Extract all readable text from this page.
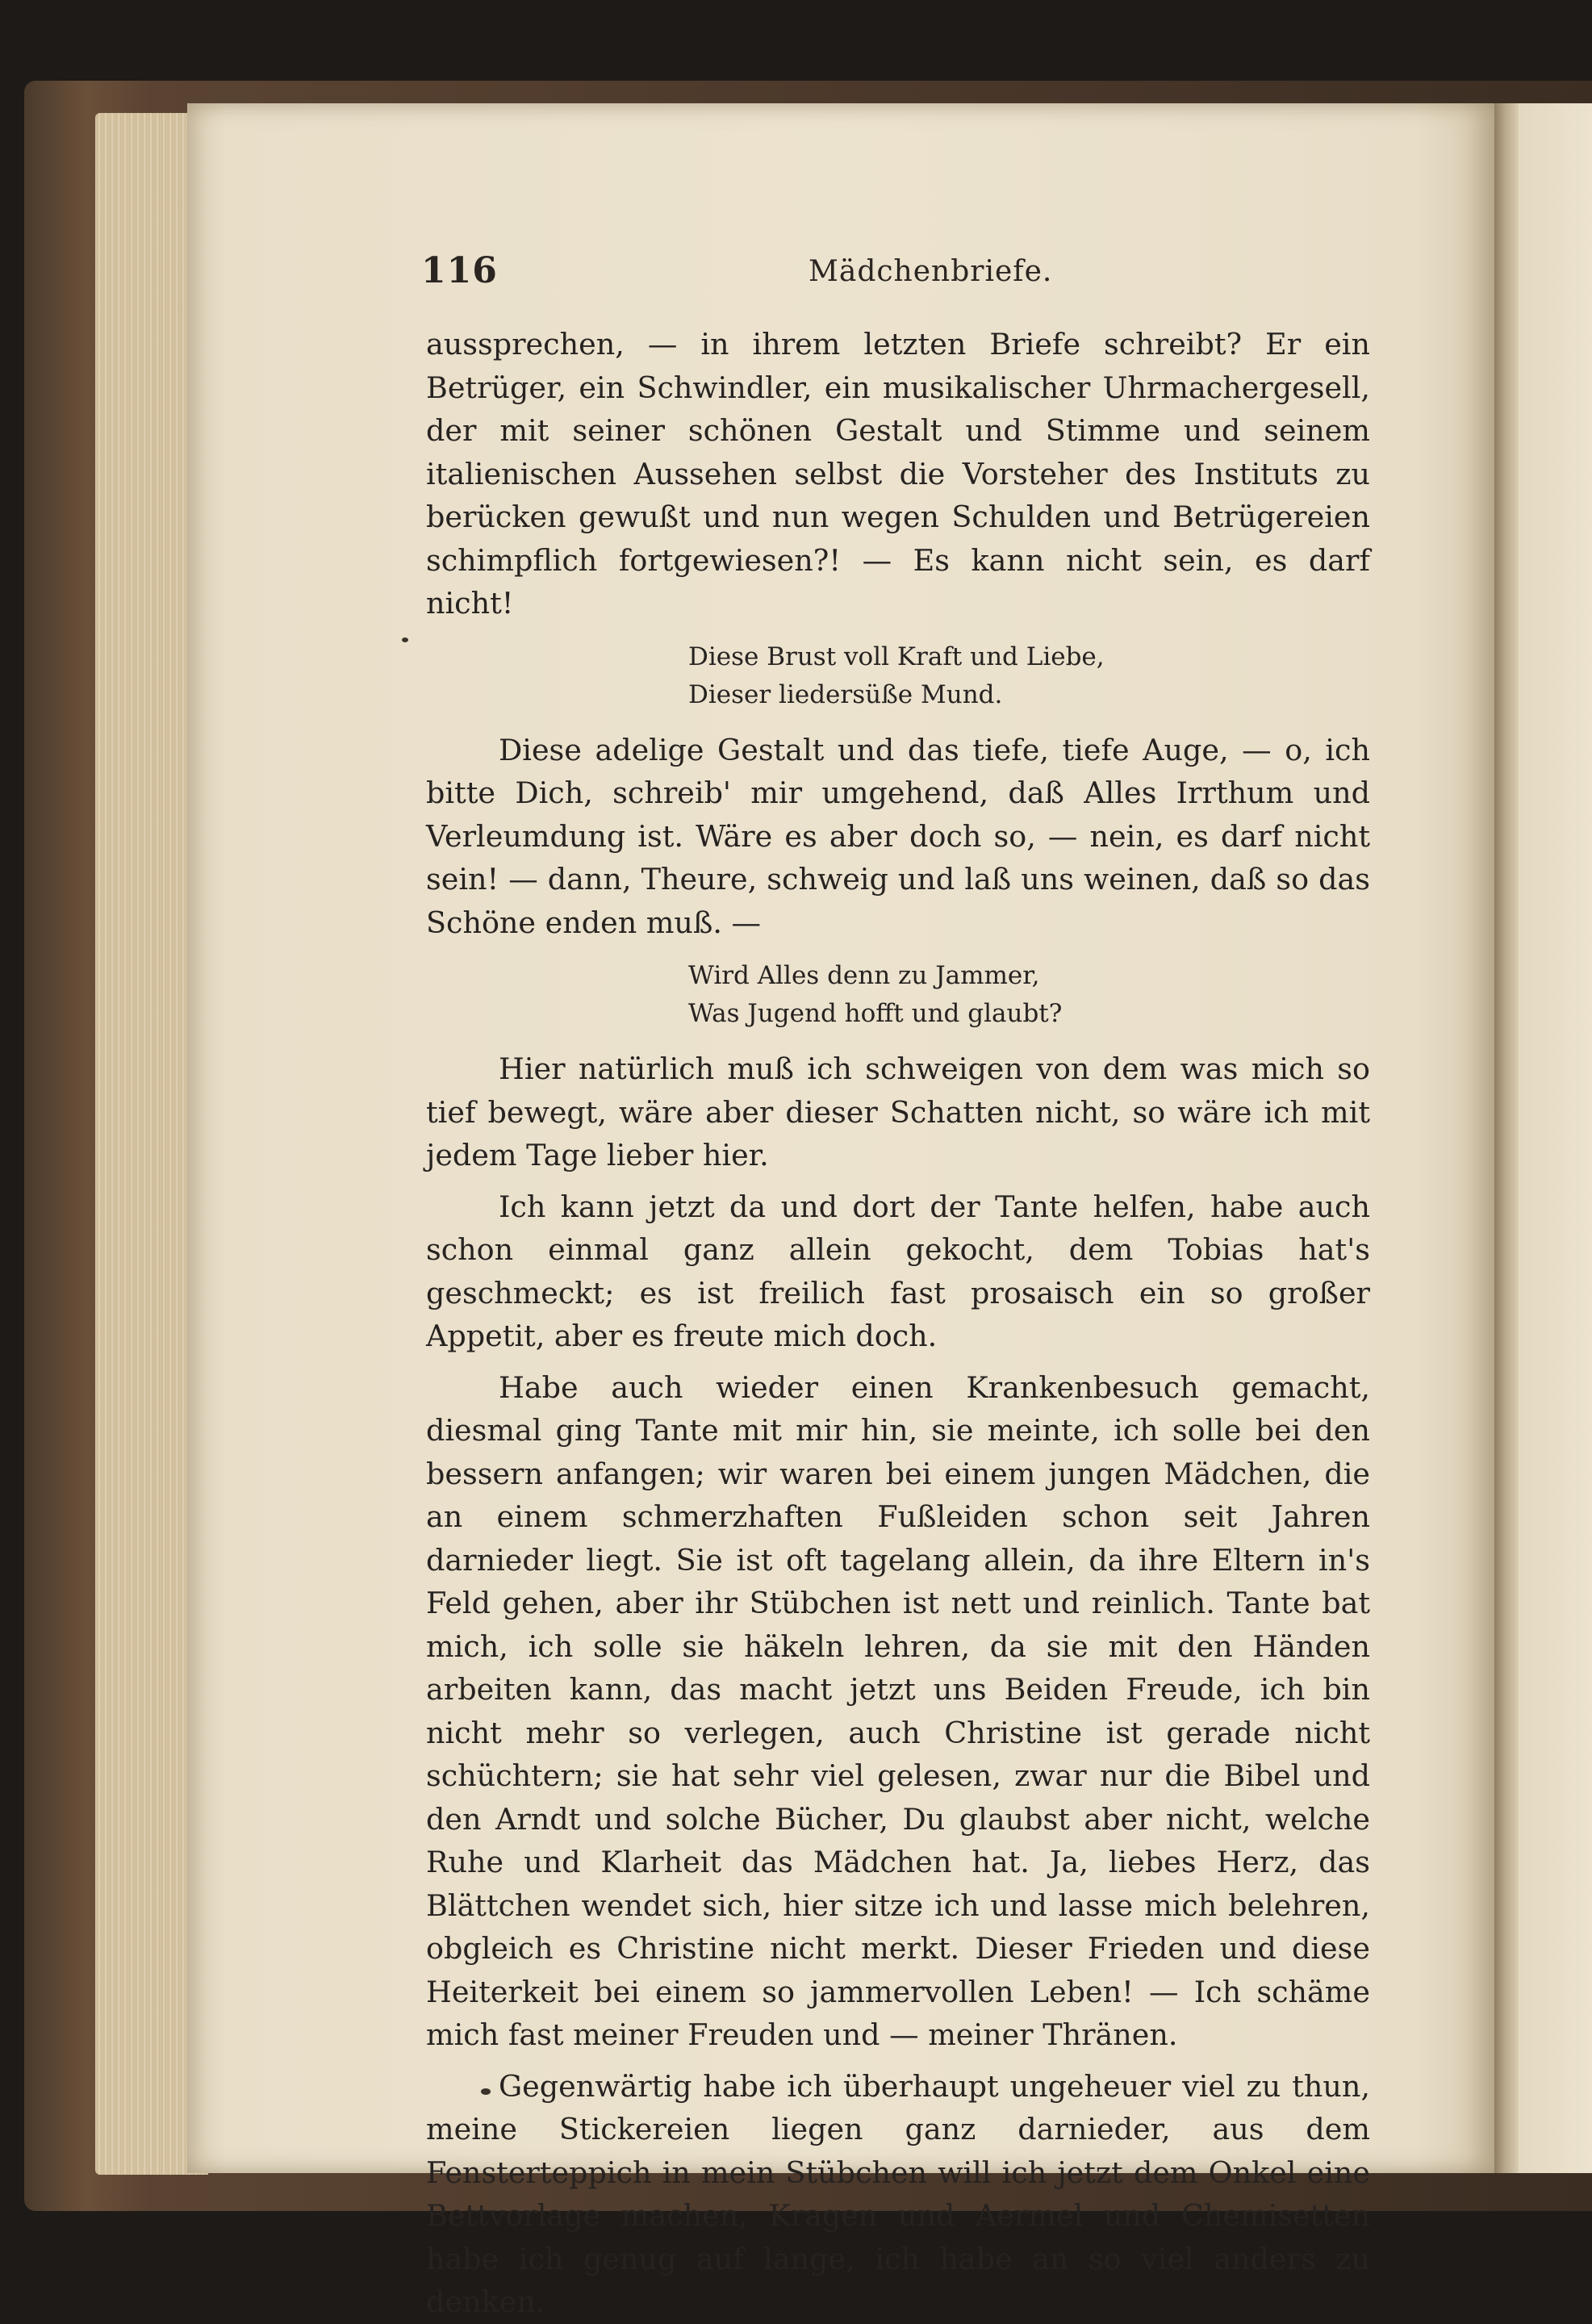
116	Mädchenbriefe.

aussprechen, — in ihrem letzten Briefe schreibt? Er ein Betrüger, ein Schwindler, ein musikalischer Uhrmachergesell, der mit seiner schönen Gestalt und Stimme und seinem italienischen Aussehen selbst die Vorsteher des Instituts zu berücken gewußt und nun wegen Schulden und Betrügereien schimpflich fortgewiesen?! — Es kann nicht sein, es darf nicht!

Diese Brust voll Kraft und Liebe,
Dieser liedersüße Mund.

Diese adelige Gestalt und das tiefe, tiefe Auge, — o, ich bitte Dich, schreib' mir umgehend, daß Alles Irrthum und Verleumdung ist. Wäre es aber doch so, — nein, es darf nicht sein! — dann, Theure, schweig und laß uns weinen, daß so das Schöne enden muß. —

Wird Alles denn zu Jammer,
Was Jugend hofft und glaubt?

Hier natürlich muß ich schweigen von dem was mich so tief bewegt, wäre aber dieser Schatten nicht, so wäre ich mit jedem Tage lieber hier.

Ich kann jetzt da und dort der Tante helfen, habe auch schon einmal ganz allein gekocht, dem Tobias hat's geschmeckt; es ist freilich fast prosaisch ein so großer Appetit, aber es freute mich doch.

Habe auch wieder einen Krankenbesuch gemacht, diesmal ging Tante mit mir hin, sie meinte, ich solle bei den bessern anfangen; wir waren bei einem jungen Mädchen, die an einem schmerzhaften Fußleiden schon seit Jahren darnieder liegt. Sie ist oft tagelang allein, da ihre Eltern in's Feld gehen, aber ihr Stübchen ist nett und reinlich. Tante bat mich, ich solle sie häkeln lehren, da sie mit den Händen arbeiten kann, das macht jetzt uns Beiden Freude, ich bin nicht mehr so verlegen, auch Christine ist gerade nicht schüchtern; sie hat sehr viel gelesen, zwar nur die Bibel und den Arndt und solche Bücher, Du glaubst aber nicht, welche Ruhe und Klarheit das Mädchen hat. Ja, liebes Herz, das Blättchen wendet sich, hier sitze ich und lasse mich belehren, obgleich es Christine nicht merkt. Dieser Frieden und diese Heiterkeit bei einem so jammervollen Leben! — Ich schäme mich fast meiner Freuden und — meiner Thränen.

Gegenwärtig habe ich überhaupt ungeheuer viel zu thun, meine Stickereien liegen ganz darnieder, aus dem Fensterteppich in mein Stübchen will ich jetzt dem Onkel eine Bettvorlage machen, Kragen und Aermel und Chemisetten habe ich genug auf lange, ich habe an so viel anders zu denken.
